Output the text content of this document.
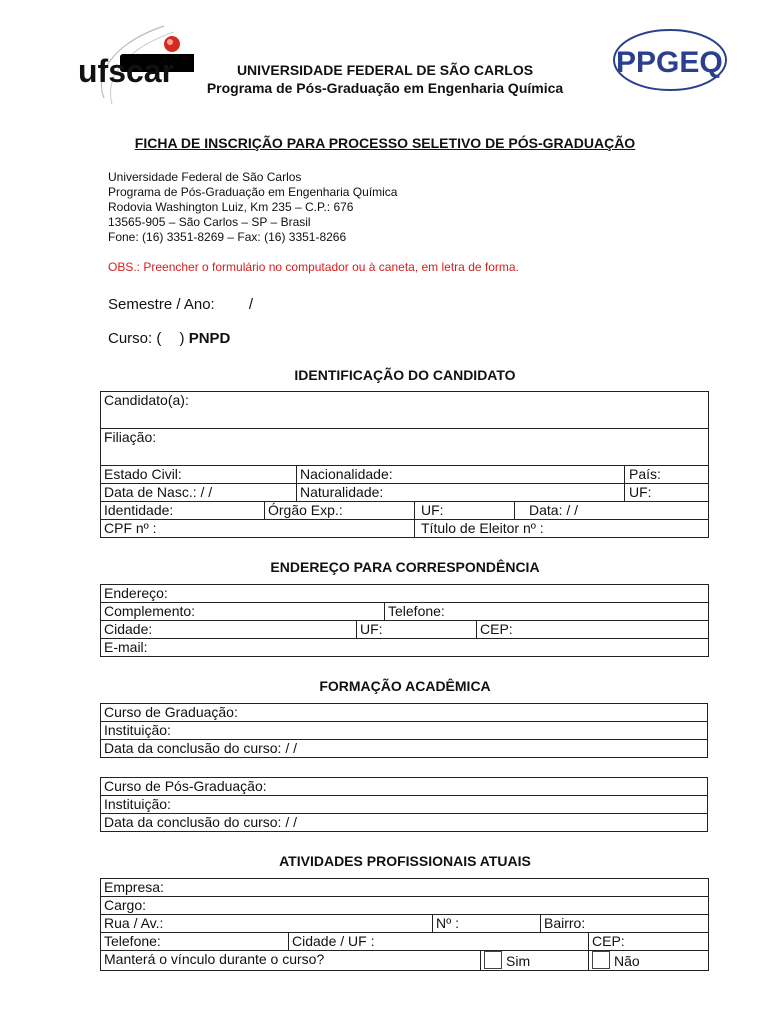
ufscar	PPGEQ
UNIVERSIDADE FEDERAL DE SÃO CARLOS
Programa de Pós-Graduação em Engenharia Química
FICHA DE INSCRIÇÃO PARA PROCESSO SELETIVO DE PÓS-GRADUAÇÃO
Universidade Federal de São Carlos
Programa de Pós-Graduação em Engenharia Química
Rodovia Washington Luiz, Km 235 – C.P.: 676
13565-905 – São Carlos – SP – Brasil
Fone: (16) 3351-8269 – Fax: (16) 3351-8266
OBS.: Preencher o formulário no computador ou à caneta, em letra de forma.
Semestre / Ano: /
Curso: ( ) PNPD
IDENTIFICAÇÃO DO CANDIDATO
Candidato(a):					
Filiação:					
Estado Civil:		Nacionalidade:			País:
Data de Nasc.: / /		Naturalidade:			UF:
Identidade:	Órgão Exp.:		UF:	Data: / /	
CPF nº :			Título de Eleitor nº :		
ENDEREÇO PARA CORRESPONDÊNCIA
Endereço:			
Complemento:		Telefone:	
Cidade:	UF:		CEP:
E-mail:			
FORMAÇÃO ACADÊMICA
Curso de Graduação:
Instituição:
Data da conclusão do curso: / /
Curso de Pós-Graduação:
Instituição:
Data da conclusão do curso: / /
ATIVIDADES PROFISSIONAIS ATUAIS
Empresa:					
Cargo:					
Rua / Av.:		Nº :		Bairro:	
Telefone:	Cidade / UF :				CEP:
Manterá o vínculo durante o curso?			Sim		Não
